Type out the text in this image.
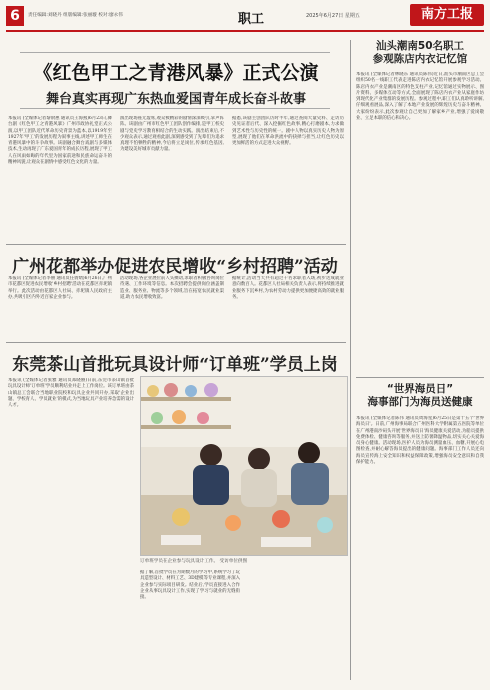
6	责任编辑:刘晓丹 组版编辑:张丽璇 校对:廖永伟	职工	2025年6月27日 星期五	南方工报
《红色甲工之青港风暴》正式公演
舞台真实再现广东热血爱国青年成长奋斗故事
本报讯 (全媒体记者黎俞惠 通讯员王海燕)6月23日,舞台剧《红色甲工之青港风暴》广州市政协礼堂正式公演,以甲工团队近代革命历史背景为蓝本,以1919年至1927年'甲工'的发展历程为叙事主线,讲述甲工师生在青港风暴中的斗争故事。该剧融合舞台戏剧与多媒体技术,生动再现了广东爱国青年的成长历程,展现了甲工人在风雨如晦的年代里为国家前途和民族命运奋斗的精神风貌,让观众在剧情中感受红色文化的力量。
演出现场座无虚席,观众被精彩的剧情深深吸引,掌声阵阵。该剧由广州市红色甲工团队创作编排,是甲工校史剧与党史学习教育相结合的生动实践。演出结束后,不少观众表示,通过观看此剧,深刻感受到了先辈们为追求真理不怕牺牲的精神,今后将立足岗位,传承红色基因,为建设美好城市贡献力量。
据悉,该剧主创团队历时半年,通过查阅大量史料、走访历史见证者后代、深入挖掘红色故事,精心打磨剧本,力求做到艺术性与历史性的统一。剧中人物以真实历史人物为原型,展现了他们在革命洪流中的抉择与担当,让红色历史以更加鲜活的方式走进大众视野。
广州花都举办促进农民增收“乡村招聘”活动
本报讯 (全媒体记者李丽 通讯员任倩婧)6月26日,广州市花都区促进农民增收'乡村招聘'活动在花都区赤坭镇举行。此次活动由花都区人社局、赤坭镇人民政府主办,共吸引区内外近百家企业参与。
活动现场,各企业展位前人头攒动,求职者积极咨询岗位待遇、工作环境等信息。本次招聘会提供岗位涵盖制造业、服务业、物流等多个领域,旨在拓宽农民就业渠道,助力农民增收致富。
据统计,活动当天共有超过千名求职者入场,初步达成就业意向数百人。花都区人社局相关负责人表示,将持续推进就业服务下沉乡村,为农村劳动力提供更加便捷高效的就业服务。
东莞茶山首批玩具设计师“订单班”学员上岗
本报讯 (全媒体记者张雅 通讯员郑晓丽)日前,东莞市茶山镇首批玩具设计师'订单班'学员顺利结业并走上工作岗位。该订单班由茶山镇总工会联合当地职业院校和玩具企业共同开办,采取'企业出题、学校育人、学员就业'的模式,为当地玩具产业培养急需的设计人才。
订单班学员在企业参与玩具设计工作。 受访单位供图
据了解,首批学员在为期数月的学习中,系统学习了玩具造型设计、材料工艺、3D建模等专业课程,并深入企业参与实际项目研发。结业后,学员直接进入合作企业从事玩具设计工作,实现了学习与就业的无缝衔接。
汕头潮南50名职工
参观陈店内衣记忆馆
本报讯 (全媒体记者林晓东 通讯员陈伟)近日,汕头市潮南区总工会组织50名一线职工代表走进陈店内衣记忆馆开展参观学习活动。陈店内衣产业是潮南区的特色支柱产业,记忆馆通过实物展示、图片资料、多媒体互动等方式,全面展现了陈店内衣产业从家庭作坊到现代化产业集群的发展历程。参观过程中,职工们认真聆听讲解,仔细观看展品,深入了解了本地产业发展的辉煌历史与奋斗精神。大家纷纷表示,此次参观让自己更加了解家乡产业,增强了爱岗敬业、立足本职的信心和决心。
“世界海员日”
海事部门为海员送健康
本报讯 (全媒体记者陈伟 通讯员周海星)6月25日是第十五个'世界海员日'。日前,广州海事局联合广州医科大学附属第五医院等单位在广州港南沙码头开展'世界海员日'海员健康关爱活动,为船员提供免费体检、健康咨询等服务,并送上防暑降温物品,切实关心关爱海员身心健康。活动现场,医护人员为海员测量血压、血糖,开展心电图检查,并耐心解答海员提出的健康问题。海事部门工作人员还向海员宣传海上安全知识和权益保障政策,增强海员安全意识和自我保护能力。
